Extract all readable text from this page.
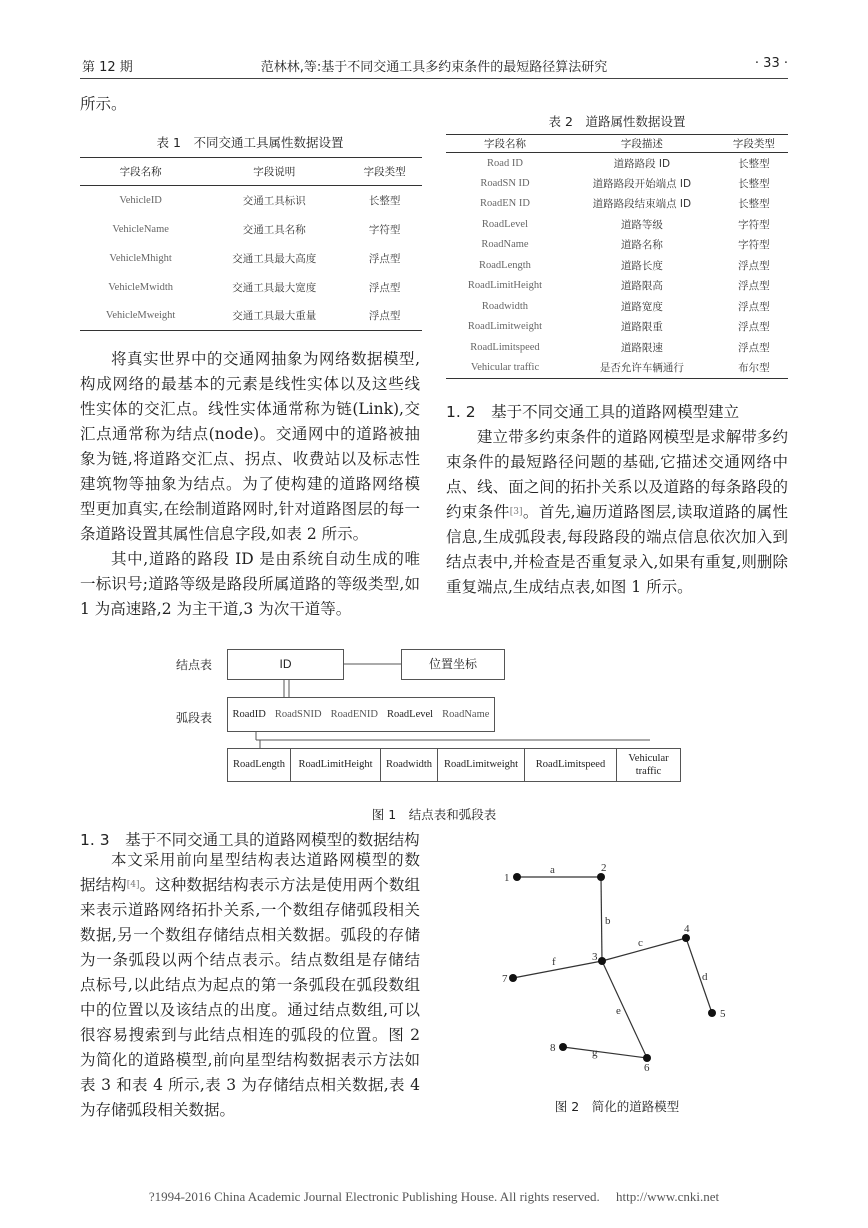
第 12 期	范林林,等:基于不同交通工具多约束条件的最短路径算法研究	· 33 ·

所示。

表 1　不同交通工具属性数据设置
字段名称	字段说明	字段类型
VehicleID	交通工具标识	长整型
VehicleName	交通工具名称	字符型
VehicleMhight	交通工具最大高度	浮点型
VehicleMwidth	交通工具最大宽度	浮点型
VehicleMweight	交通工具最大重量	浮点型

将真实世界中的交通网抽象为网络数据模型,构成网络的最基本的元素是线性实体以及这些线性实体的交汇点。线性实体通常称为链(Link),交汇点通常称为结点(node)。交通网中的道路被抽象为链,将道路交汇点、拐点、收费站以及标志性建筑物等抽象为结点。为了使构建的道路网络模型更加真实,在绘制道路网时,针对道路图层的每一条道路设置其属性信息字段,如表 2 所示。

其中,道路的路段 ID 是由系统自动生成的唯一标识号;道路等级是路段所属道路的等级类型,如 1 为高速路,2 为主干道,3 为次干道等。

表 2　道路属性数据设置
字段名称	字段描述	字段类型
Road ID	道路路段 ID	长整型
RoadSN ID	道路路段开始端点 ID	长整型
RoadEN ID	道路路段结束端点 ID	长整型
RoadLevel	道路等级	字符型
RoadName	道路名称	字符型
RoadLength	道路长度	浮点型
RoadLimitHeight	道路限高	浮点型
Roadwidth	道路宽度	浮点型
RoadLimitweight	道路限重	浮点型
RoadLimitspeed	道路限速	浮点型
Vehicular traffic	是否允许车辆通行	布尔型
1. 2　基于不同交通工具的道路网模型建立

建立带多约束条件的道路网模型是求解带多约束条件的最短路径问题的基础,它描述交通网络中点、线、面之间的拓扑关系以及道路的每条路段的约束条件[3]。首先,遍历道路图层,读取道路的属性信息,生成弧段表,每段路段的端点信息依次加入到结点表中,并检查是否重复录入,如果有重复,则删除重复端点,生成结点表,如图 1 所示。

结点表
弧段表
ID	位置坐标
RoadID RoadSNID RoadENID RoadLevel RoadName
RoadLength	RoadLimitHeight	Roadwidth	RoadLimitweight	RoadLimitspeed
Vehicular
traffic
图 1　结点表和弧段表
1. 3　基于不同交通工具的道路网模型的数据结构

本文采用前向星型结构表达道路网模型的数据结构[4]。这种数据结构表示方法是使用两个数组来表示道路网络拓扑关系,一个数组存储弧段相关数据,另一个数组存储结点相关数据。弧段的存储为一条弧段以两个结点表示。结点数组是存储结点标号,以此结点为起点的第一条弧段在弧段数组中的位置以及该结点的出度。通过结点数组,可以很容易搜索到与此结点相连的弧段的位置。图 2 为简化的道路模型,前向星型结构数据表示方法如表 3 和表 4 所示,表 3 为存储结点相关数据,表 4 为存储弧段相关数据。

1
2
3
4
5
6
7
8
a
b
c
d
e
f
g
图 2　简化的道路模型
?1994-2016 China Academic Journal Electronic Publishing House. All rights reserved.　 http://www.cnki.net
